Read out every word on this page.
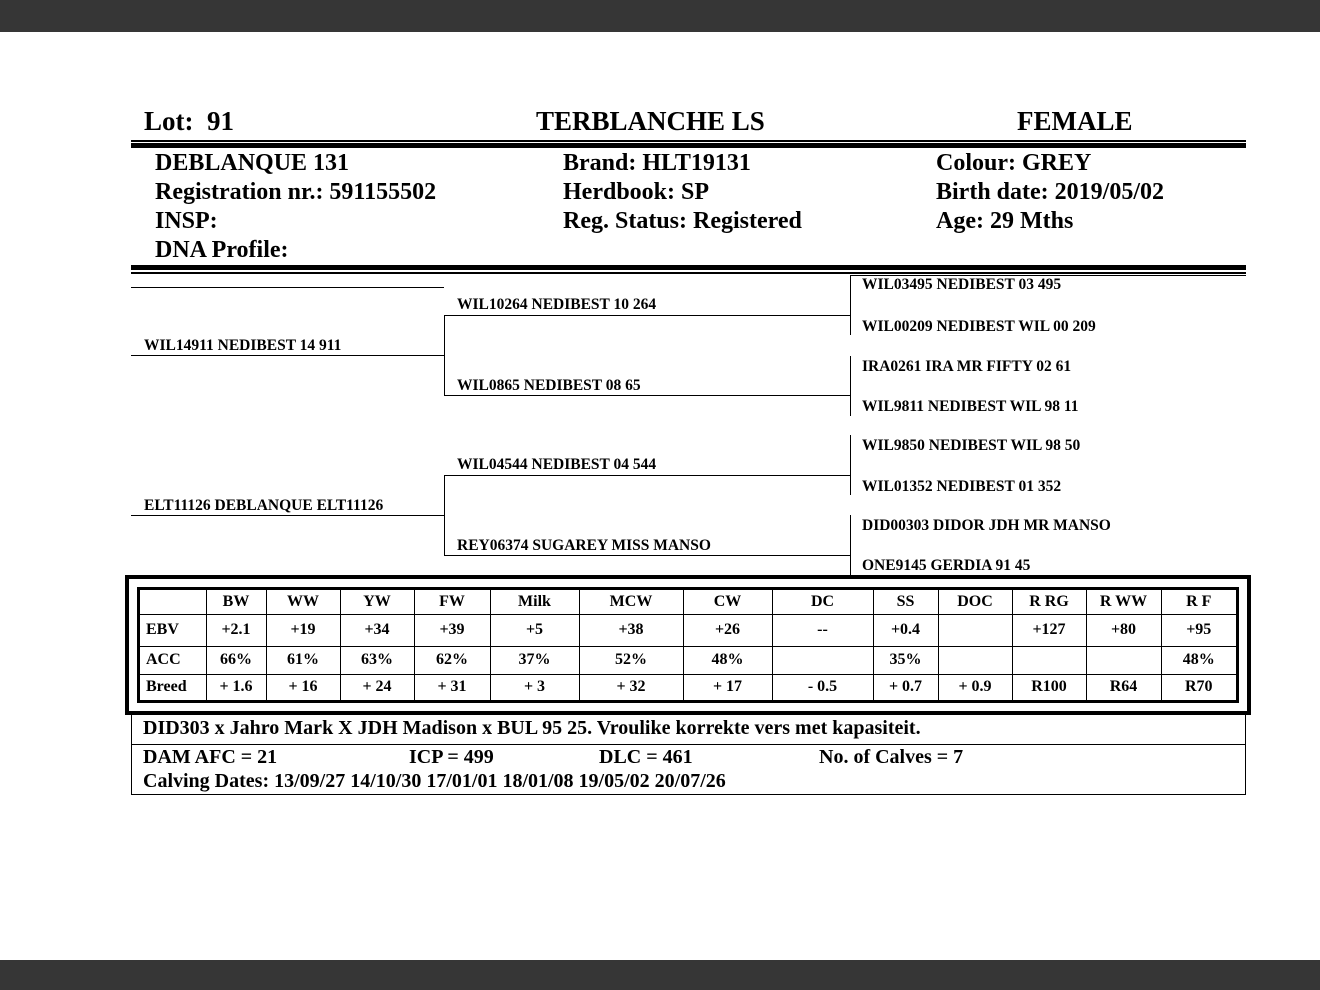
Lot: 91	TERBLANCHE LS	FEMALE
DEBLANQUE 131
Registration nr.: 591155502
INSP:
DNA Profile:
Brand: HLT19131
Herdbook: SP
Reg. Status: Registered
Colour: GREY
Birth date: 2019/05/02
Age: 29 Mths
WIL14911 NEDIBEST 14 911
ELT11126 DEBLANQUE ELT11126
WIL10264 NEDIBEST 10 264
WIL0865 NEDIBEST 08 65
WIL04544 NEDIBEST 04 544
REY06374 SUGAREY MISS MANSO
WIL03495 NEDIBEST 03 495
WIL00209 NEDIBEST WIL 00 209
IRA0261 IRA MR FIFTY 02 61
WIL9811 NEDIBEST WIL 98 11
WIL9850 NEDIBEST WIL 98 50
WIL01352 NEDIBEST 01 352
DID00303 DIDOR JDH MR MANSO
ONE9145 GERDIA 91 45
	BW	WW	YW	FW	Milk	MCW	CW	DC	SS	DOC	R RG	R WW	R F
EBV	+2.1	+19	+34	+39	+5	+38	+26	--	+0.4		+127	+80	+95
ACC	66%	61%	63%	62%	37%	52%	48%		35%				48%
Breed	+ 1.6	+ 16	+ 24	+ 31	+ 3	+ 32	+ 17	- 0.5	+ 0.7	+ 0.9	R100	R64	R70
DID303 x Jahro Mark X JDH Madison x BUL 95 25. Vroulike korrekte vers met kapasiteit.
DAM AFC = 21	ICP = 499	DLC = 461	No. of Calves = 7
Calving Dates: 13/09/27 14/10/30 17/01/01 18/01/08 19/05/02 20/07/26
